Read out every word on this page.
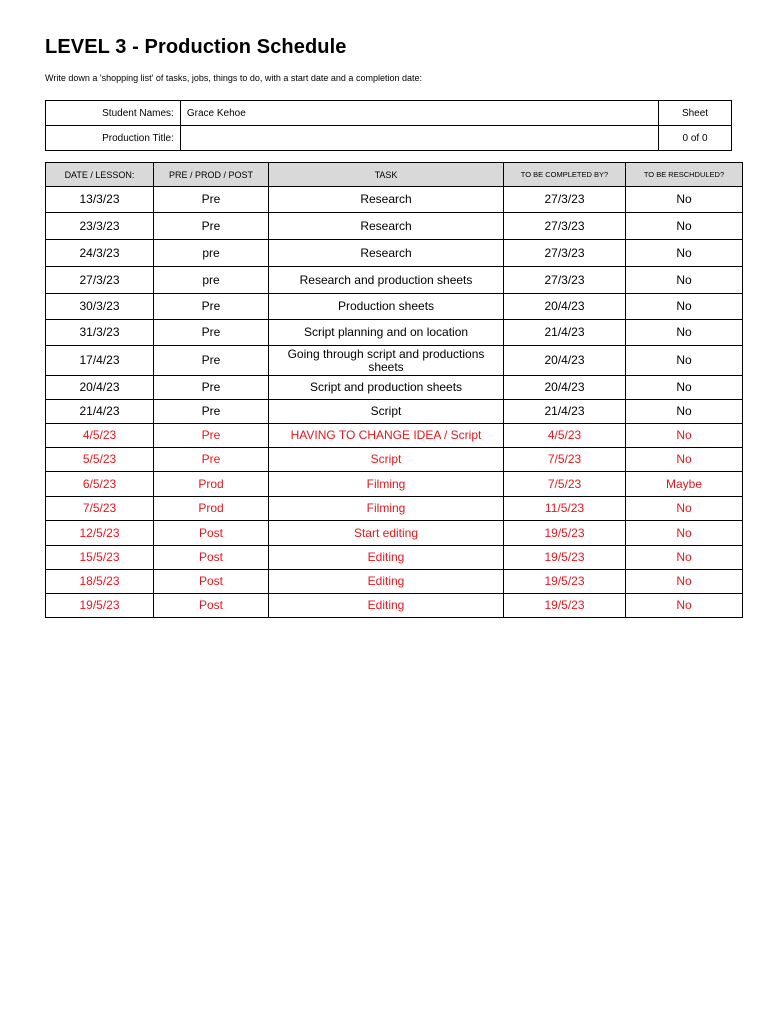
LEVEL 3 - Production Schedule
Write down a 'shopping list' of tasks, jobs, things to do, with a start date and a completion date:
Student Names:	Grace Kehoe	Sheet
Production Title:		0 of 0
DATE / LESSON:	PRE / PROD / POST	TASK	TO BE COMPLETED BY?	TO BE RESCHDULED?
13/3/23	Pre	Research	27/3/23	No
23/3/23	Pre	Research	27/3/23	No
24/3/23	pre	Research	27/3/23	No
27/3/23	pre	Research and production sheets	27/3/23	No
30/3/23	Pre	Production sheets	20/4/23	No
31/3/23	Pre	Script planning and on location	21/4/23	No
17/4/23	Pre	Going through script and productions sheets	20/4/23	No
20/4/23	Pre	Script and production sheets	20/4/23	No
21/4/23	Pre	Script	21/4/23	No
4/5/23	Pre	HAVING TO CHANGE IDEA / Script	4/5/23	No
5/5/23	Pre	Script	7/5/23	No
6/5/23	Prod	Filming	7/5/23	Maybe
7/5/23	Prod	Filming	11/5/23	No
12/5/23	Post	Start editing	19/5/23	No
15/5/23	Post	Editing	19/5/23	No
18/5/23	Post	Editing	19/5/23	No
19/5/23	Post	Editing	19/5/23	No
